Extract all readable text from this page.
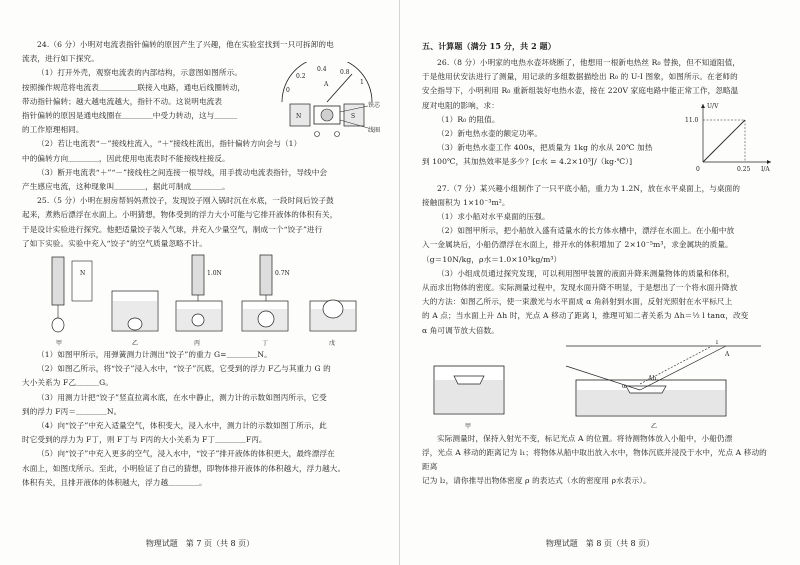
24.（6 分）小明对电流表指针偏转的原因产生了兴趣，他在实验室找到一只可拆卸的电

流表，进行如下探究。

（1）打开外壳，观察电流表的内部结构，示意图如图所示。

按照操作规范将电流表＿＿＿＿＿联接入电路，通电后线圈转动，

带动指针偏转；越大越电流越大，指针不动。这说明电流表

指针偏转的原因是通电线圈在＿＿＿＿中受力转动，这与＿＿＿

的工作原理相同。

（2）若让电流表“－”接线柱流入，“＋”接线柱流出，指针偏转方向会与（1）

中的偏转方向＿＿＿＿，因此使用电流表时不能接线柱接反。

（3）断开电流表“＋”“－”接线柱之间连接一根导线，用手拨动电流表指针，导线中会

产生感应电流，这种现象叫＿＿＿＿，据此可制成＿＿＿＿。

0
0.2
0.4 0.8
1
A
N	S
铁芯
线圈

25.（5 分）小明在厨房帮妈妈煮饺子，发现饺子刚入锅时沉在水底，一段时间后饺子鼓

起来，煮熟后漂浮在水面上。小明猜想，物体受到的浮力大小可能与它排开液体的体积有关，

于是设计实验进行探究。他把适量饺子装入气球，并充入少量空气，制成一个“饺子”进行

了如下实验。实验中充入“饺子”的空气质量忽略不计。

N
甲	乙
1.0N
丙
0.7N
丁	戊

（1）如图甲所示，用弹簧测力计测出“饺子”的重力 G=＿＿＿＿N。

（2）如图乙所示，将“饺子”浸入水中，“饺子”沉底，它受到的浮力 F乙与其重力 G 的

大小关系为 F乙＿＿＿G。

（3）用测力计把“饺子”竖直拉离水底，在水中静止，测力计的示数如图丙所示，它受

到的浮力 F丙＝＿＿＿＿N。

（4）向“饺子”中充入适量空气，体积变大，浸入水中，测力计的示数如图丁所示，此

时它受到的浮力为 F丁，则 F丁与 F丙的大小关系为 F丁＿＿＿＿F丙。

（5）向“饺子”中充入更多的空气，浸入水中，“饺子”排开液体的体积更大，最终漂浮在

水面上，如图戊所示。至此，小明验证了自己的猜想，即物体排开液体的体积越大，浮力越大。

体积有关，且排开液体的体积越大，浮力越＿＿＿＿。

物理试题　第 7 页（共 8 页）

五、计算题（满分 15 分，共 2 题）

26.（8 分）小明家的电热水壶坏烧断了，他想用一根新电热丝 R₀ 替换，但不知道阻值，

于是他用伏安法进行了测量，用记录的多组数据描绘出 R₀ 的 U-I 图象，如图所示。在老师的

安全指导下，小明利用 R₀ 重新组装好电热水壶，接在 220V 家庭电路中能正常工作，忽略温

度对电阻的影响，求：

（1）R₀ 的阻值。

（2）新电热水壶的额定功率。

（3）新电热水壶工作 400s，把质量为 1kg 的水从 20℃ 加热

到 100℃，其加热效率是多少？[c水 = 4.2×10³J/（kg·℃）]

U/V
I/A
11.0
0.25
0

27.（7 分）某兴趣小组制作了一只平底小船，重力为 1.2N，放在水平桌面上，与桌面的

接触面积为 1×10⁻³m²。

（1）求小船对水平桌面的压强。

（2）如图甲所示，把小船放入盛有适量水的长方体水槽中，漂浮在水面上。在小船中放

入一金属块后，小船仍漂浮在水面上，排开水的体积增加了 2×10⁻⁵m³，求金属块的质量。

（g＝10N/kg，ρ水＝1.0×10³kg/m³）

（3）小组成员通过探究发现，可以利用图甲装置的液面升降来测量物体的质量和体积，

从而求出物体的密度。实际测量过程中，发现水面升降不明显，于是想出了一个将水面升降放

大的方法：如图乙所示，使一束激光与水平面成 α 角斜射到水面，反射光照射在水平标尺上

的 A 点；当水面上升 Δh 时，光点 A 移动了距离 l，推理可知二者关系为 Δh＝½ l tanα，改变

α 角可调节放大倍数。

甲
A
Δh
α
l
乙

实际测量时，保持入射光不变，标记光点 A 的位置。将待测物体放入小船中，小船仍漂

浮，光点 A 移动的距离记为 l₁；将物体从船中取出放入水中，物体沉底并浸没于水中，光点 A 移动的距离

记为 l₂，请你推导出物体密度 ρ 的表达式（水的密度用 ρ水表示）。

物理试题　第 8 页（共 8 页）
